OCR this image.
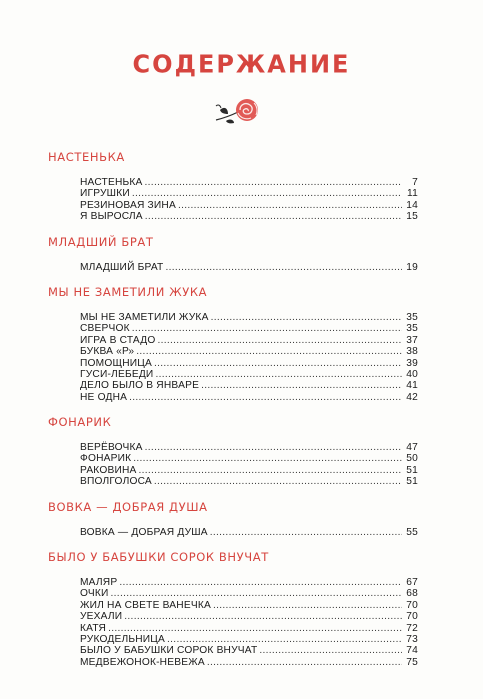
СОДЕРЖАНИЕ
НАСТЕНЬКА
НАСТЕНЬКА .....	7
ИГРУШКИ .....	11
РЕЗИНОВАЯ ЗИНА .....	14
Я ВЫРОСЛА .....	15
МЛАДШИЙ БРАТ
МЛАДШИЙ БРАТ .....	19
МЫ НЕ ЗАМЕТИЛИ ЖУКА
МЫ НЕ ЗАМЕТИЛИ ЖУКА .....	35
СВЕРЧОК .....	35
ИГРА В СТАДО .....	37
БУКВА «Р» .....	38
ПОМОЩНИЦА .....	39
ГУСИ-ЛЕБЕДИ .....	40
ДЕЛО БЫЛО В ЯНВАРЕ .....	41
НЕ ОДНА .....	42
ФОНАРИК
ВЕРЁВОЧКА .....	47
ФОНАРИК .....	50
РАКОВИНА .....	51
ВПОЛГОЛОСА .....	51
ВОВКА — ДОБРАЯ ДУША
ВОВКА — ДОБРАЯ ДУША .....	55
БЫЛО У БАБУШКИ СОРОК ВНУЧАТ
МАЛЯР .....	67
ОЧКИ .....	68
ЖИЛ НА СВЕТЕ ВАНЕЧКА .....	70
УЕХАЛИ .....	70
КАТЯ .....	72
РУКОДЕЛЬНИЦА .....	73
БЫЛО У БАБУШКИ СОРОК ВНУЧАТ .....	74
МЕДВЕЖОНОК-НЕВЕЖА .....	75
